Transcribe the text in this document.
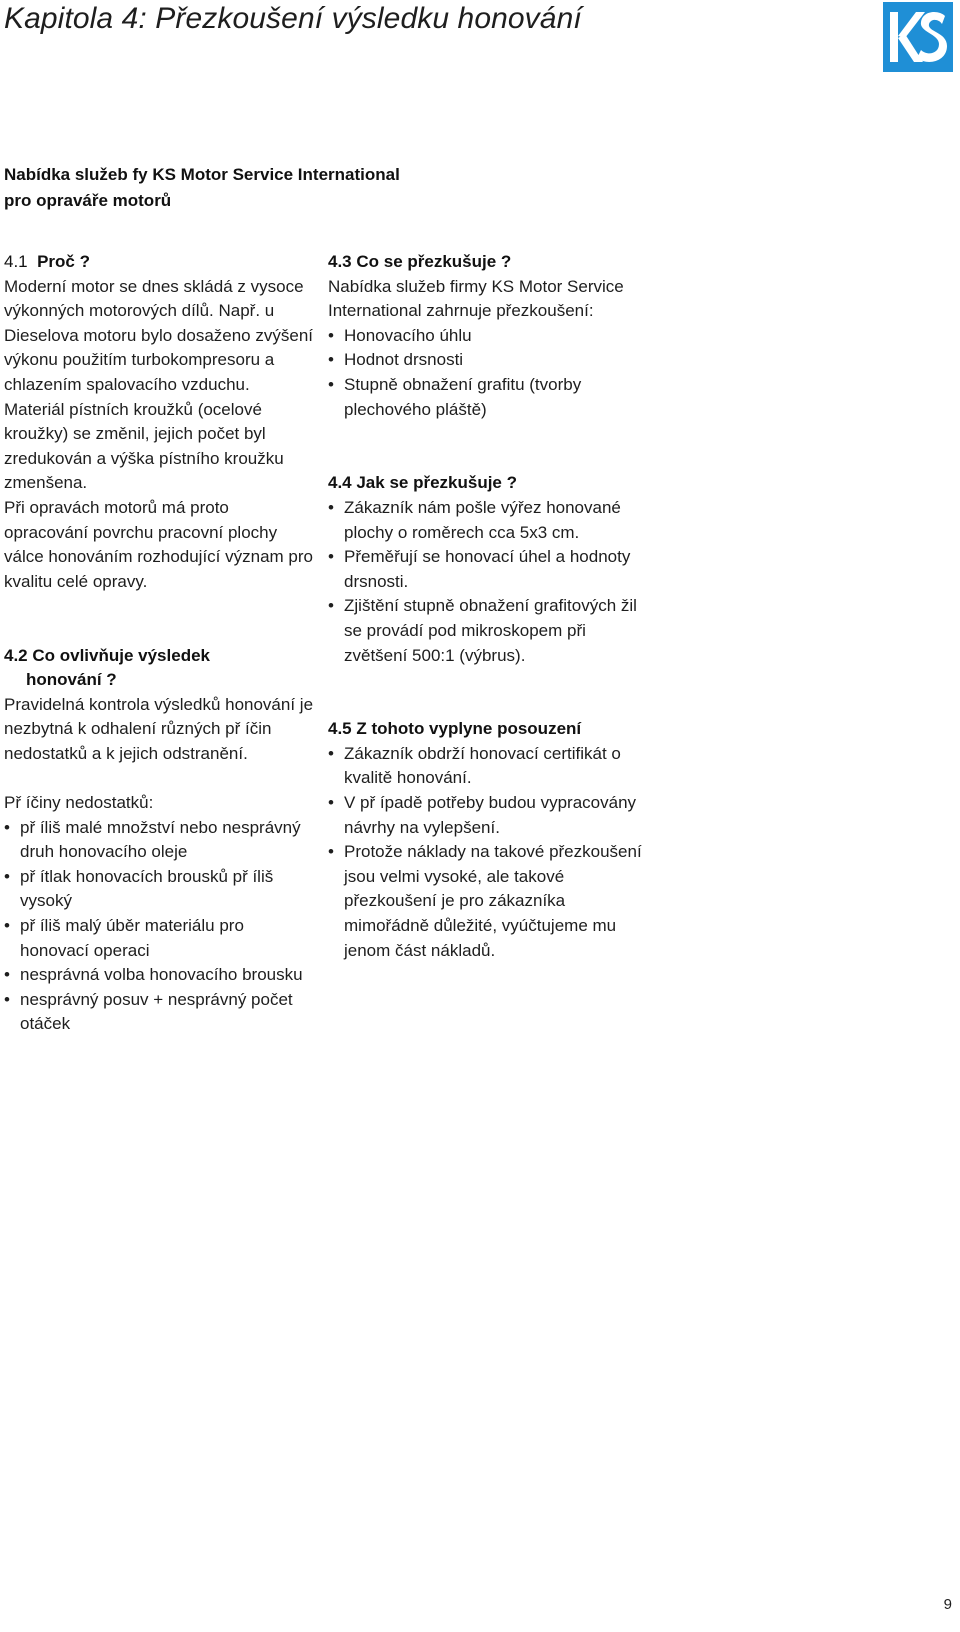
Kapitola 4: Přezkoušení výsledku honování

Nabídka služeb fy KS Motor Service International
pro opraváře motorů

4.1 Proč ?

Moderní motor se dnes skládá z vysoce výkonných motorových dílů. Např. u Dieselova motoru bylo dosaženo zvýšení výkonu použitím turbokompresoru a chlazením spalovacího vzduchu. Materiál pístních kroužků (ocelové kroužky) se změnil, jejich počet byl zredukován a výška pístního kroužku zmenšena.

Při opravách motorů má proto opracování povrchu pracovní plochy válce honováním rozhodující význam pro kvalitu celé opravy.

4.2 Co ovlivňuje výsledek

honování ?

Pravidelná kontrola výsledků honování je nezbytná k odhalení různých př íčin nedostatků a k jejich odstranění.

Př íčiny nedostatků:

• př íliš malé množství nebo nesprávný druh honovacího oleje
• př ítlak honovacích brousků př íliš vysoký
• př íliš malý úběr materiálu pro honovací operaci
• nesprávná volba honovacího brousku
• nesprávný posuv + nesprávný počet otáček

4.3 Co se přezkušuje ?

Nabídka služeb firmy KS Motor Service International zahrnuje přezkoušení:

• Honovacího úhlu
• Hodnot drsnosti
• Stupně obnažení grafitu (tvorby plechového pláště)

4.4 Jak se přezkušuje ?

• Zákazník nám pošle výřez honované plochy o roměrech cca 5x3 cm.
• Přeměřují se honovací úhel a hodnoty drsnosti.
• Zjištění stupně obnažení grafitových žil se provádí pod mikroskopem při zvětšení 500:1 (výbrus).

4.5 Z tohoto vyplyne posouzení

• Zákazník obdrží honovací certifikát o kvalitě honování.
• V př ípadě potřeby budou vypracovány návrhy na vylepšení.
• Protože náklady na takové přezkoušení jsou velmi vysoké, ale takové přezkoušení je pro zákazníka mimořádně důležité, vyúčtujeme mu jenom část nákladů.
9
